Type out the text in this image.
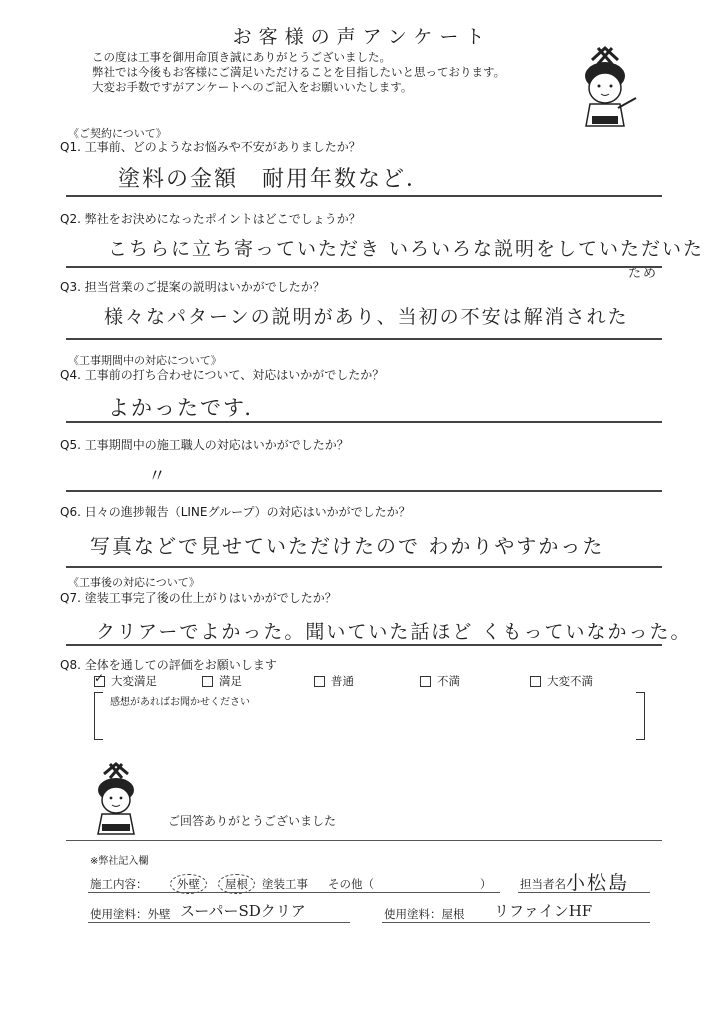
お客様の声アンケート
この度は工事を御用命頂き誠にありがとうございました。
弊社では今後もお客様にご満足いただけることを目指したいと思っております。
大変お手数ですがアンケートへのご記入をお願いいたします。
《ご契約について》
Q1. 工事前、どのようなお悩みや不安がありましたか？
塗料の金額　耐用年数など．
Q2. 弊社をお決めになったポイントはどこでしょうか？
こちらに立ち寄っていただき いろいろな説明をしていただいた
ため
Q3. 担当営業のご提案の説明はいかがでしたか？
様々なパターンの説明があり、当初の不安は解消された
《工事期間中の対応について》
Q4. 工事前の打ち合わせについて、対応はいかがでしたか？
よかったです．
Q5. 工事期間中の施工職人の対応はいかがでしたか？
〃
Q6. 日々の進捗報告（LINEグループ）の対応はいかがでしたか？
写真などで見せていただけたので わかりやすかった
《工事後の対応について》
Q7. 塗装工事完了後の仕上がりはいかがでしたか？
クリアーでよかった。聞いていた話ほど くもっていなかった。
Q8. 全体を通しての評価をお願いします
✓
大変満足	満足	普通	不満	大変不満
感想があればお聞かせください
ご回答ありがとうございました
※弊社記入欄
施工内容：	外壁	屋根	塗装工事 その他（	） 担当者名 小松島
使用塗料：外壁 スーパーSDクリア	使用塗料：屋根 リファインHF
